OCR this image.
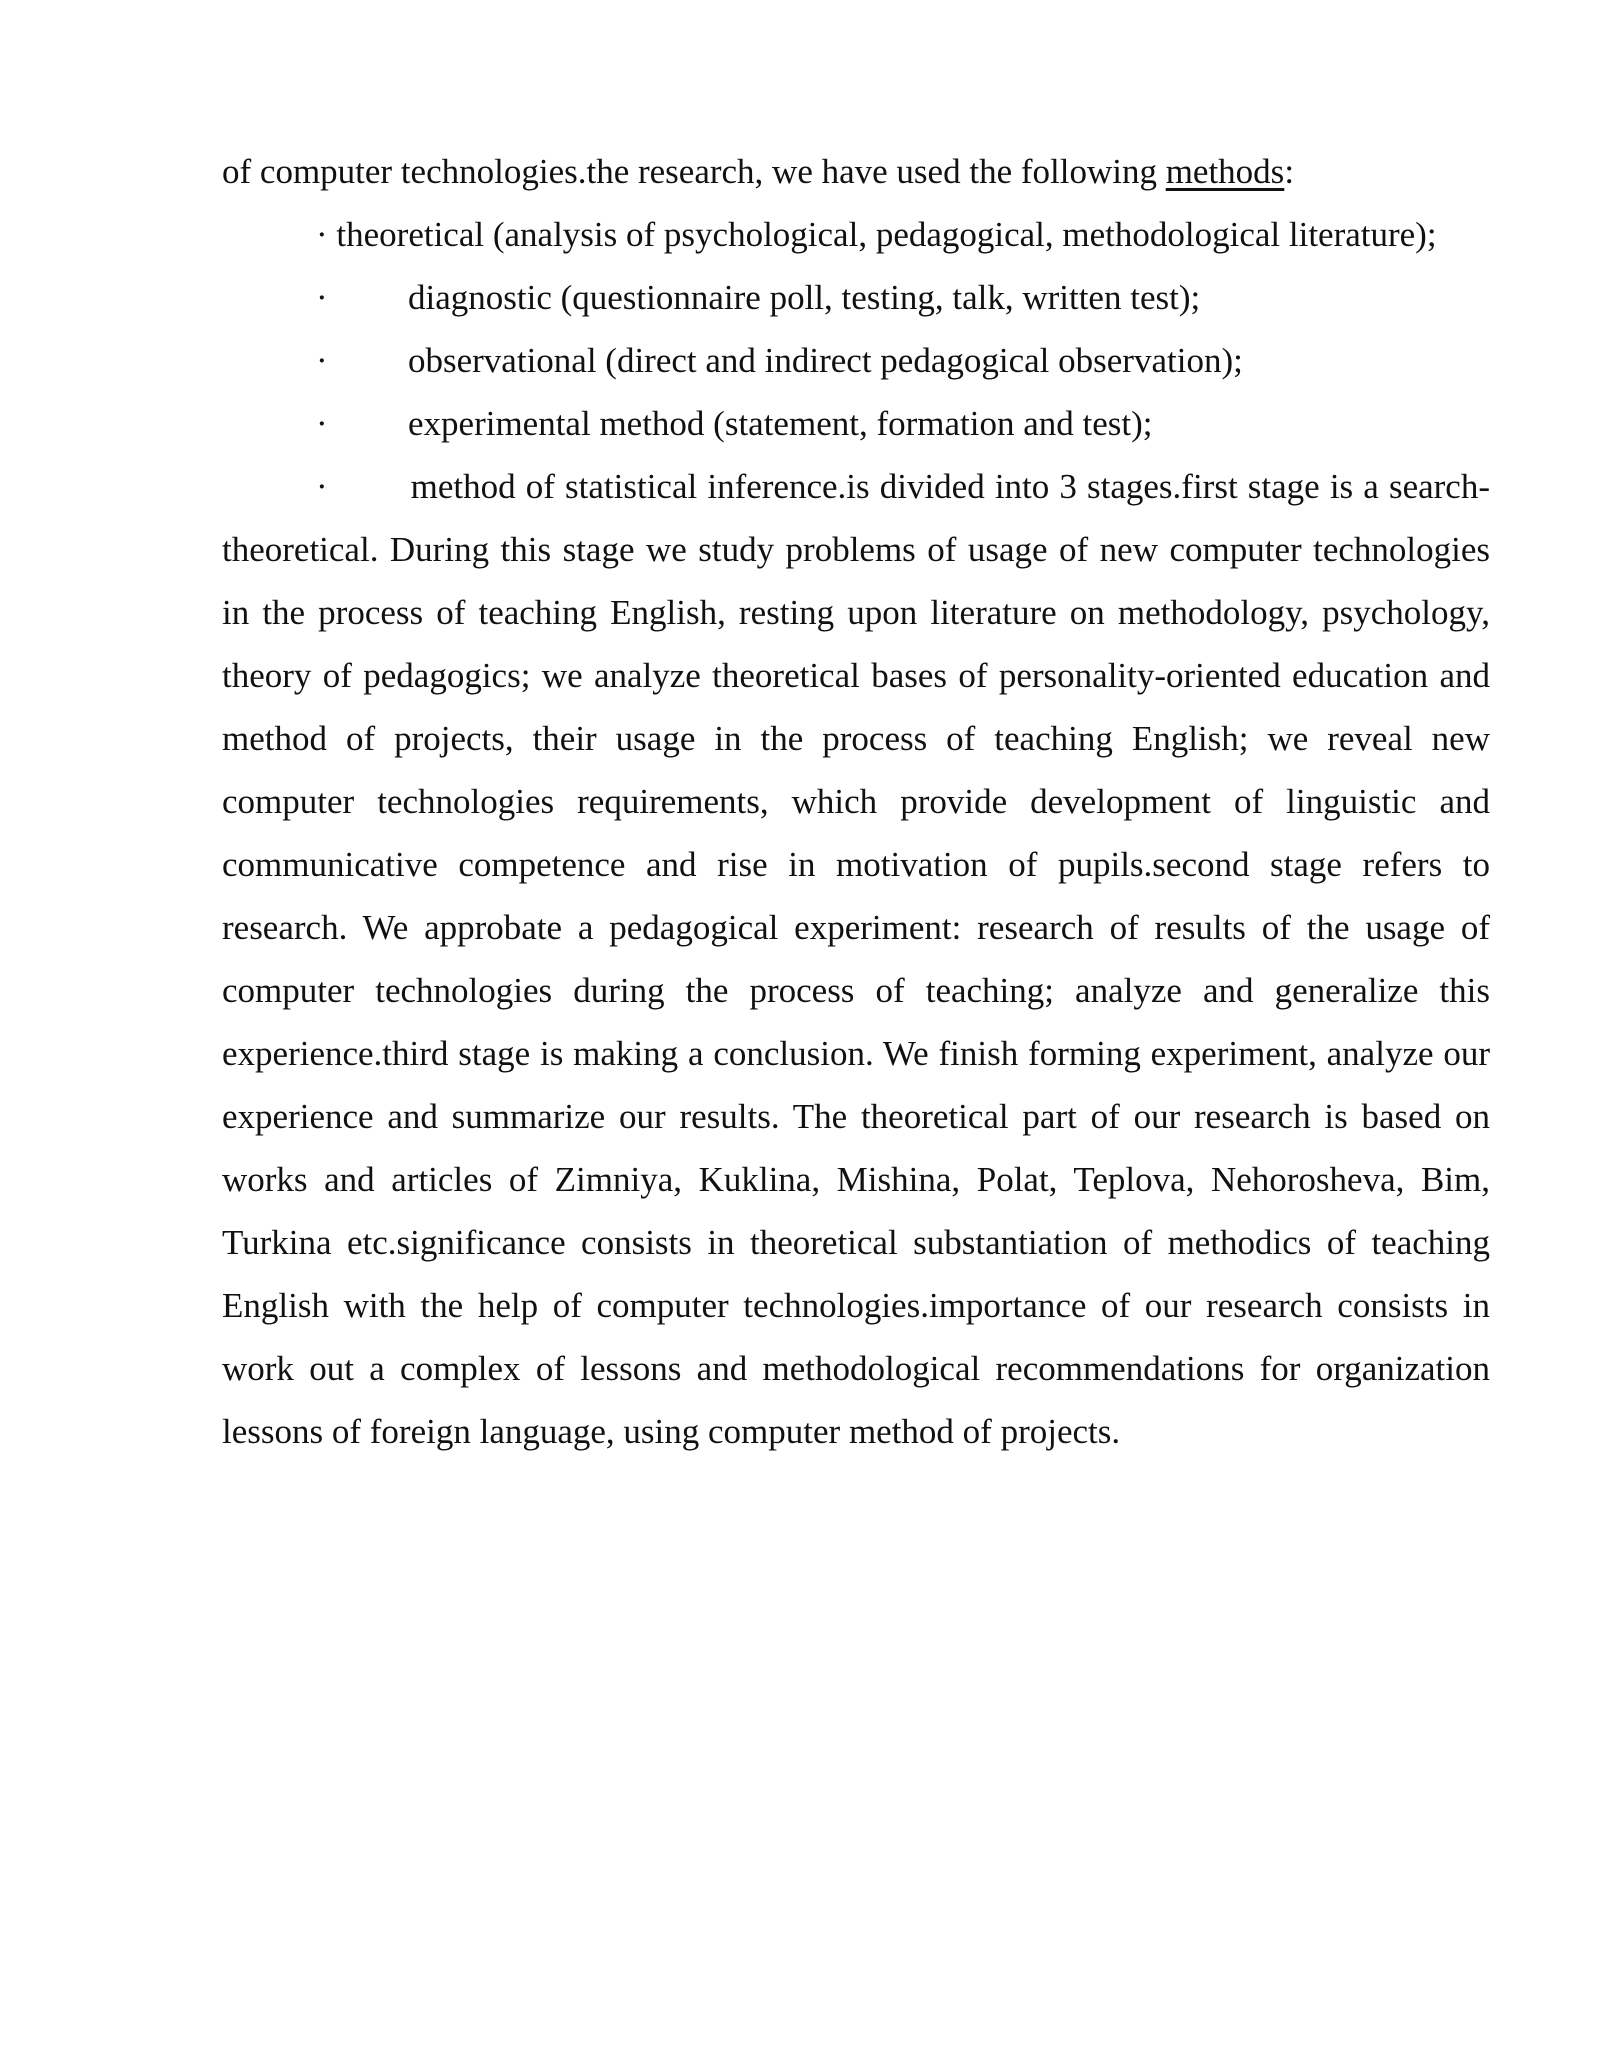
of computer technologies.the research, we have used the following methods:

· theoretical (analysis of psychological, pedagogical, methodological literature);

· diagnostic (questionnaire poll, testing, talk, written test);

· observational (direct and indirect pedagogical observation);

· experimental method (statement, formation and test);

· method of statistical inference.is divided into 3 stages.first stage is a search-theoretical. During this stage we study problems of usage of new computer technologies in the process of teaching English, resting upon literature on methodology, psychology, theory of pedagogics; we analyze theoretical bases of personality-oriented education and method of projects, their usage in the process of teaching English; we reveal new computer technologies requirements, which provide development of linguistic and communicative competence and rise in motivation of pupils.second stage refers to research. We approbate a pedagogical experiment: research of results of the usage of computer technologies during the process of teaching; analyze and generalize this experience.third stage is making a conclusion. We finish forming experiment, analyze our experience and summarize our results. The theoretical part of our research is based on works and articles of Zimniya, Kuklina, Mishina, Polat, Teplova, Nehorosheva, Bim, Turkina etc.significance consists in theoretical substantiation of methodics of teaching English with the help of computer technologies.importance of our research consists in work out a complex of lessons and methodological recommendations for organization lessons of foreign language, using computer method of projects.
